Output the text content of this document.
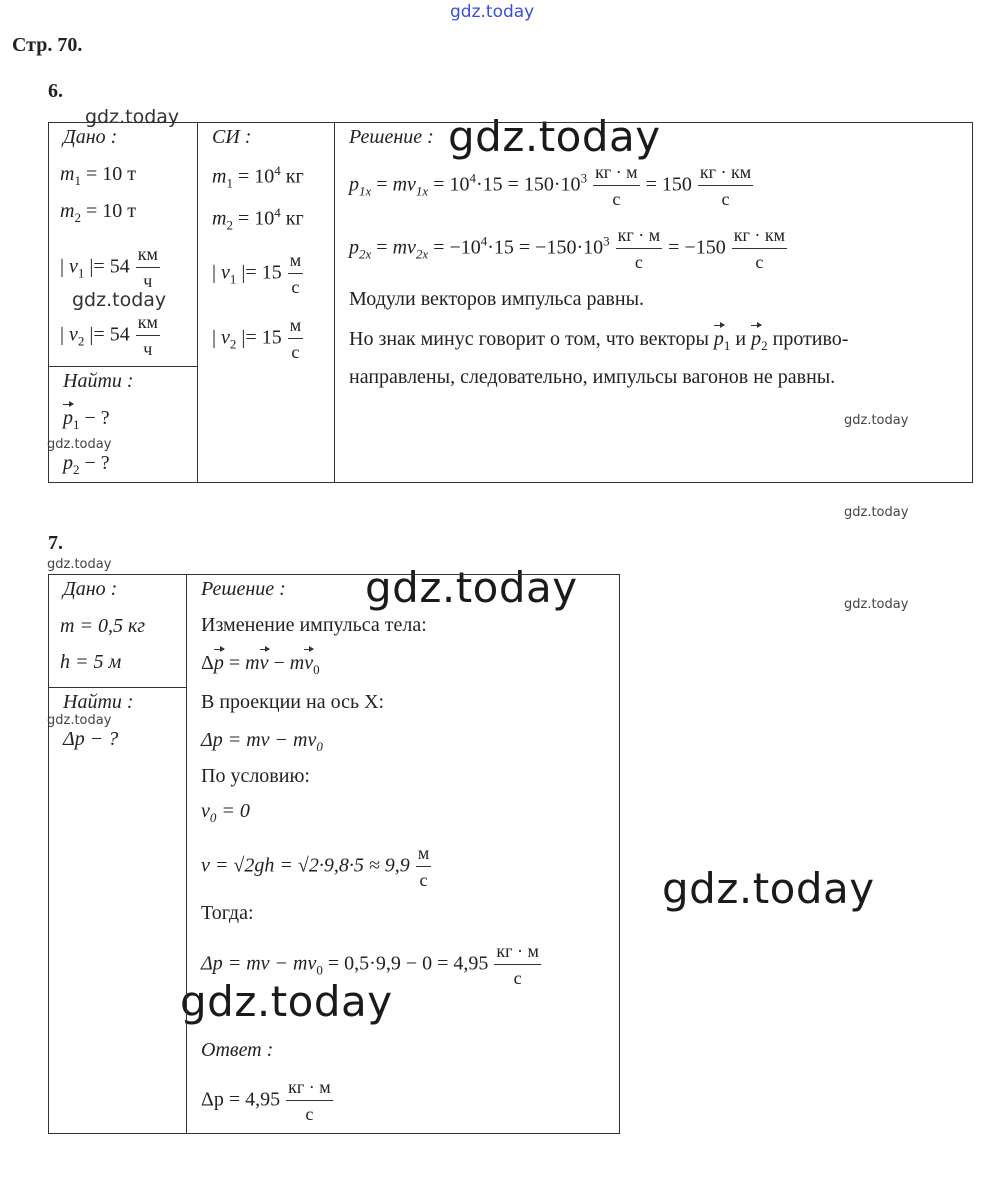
gdz.today
gdz.today
gdz.today
gdz.today
gdz.today
gdz.today
gdz.today
gdz.today
gdz.today
gdz.today
gdz.today
gdz.today
gdz.today
Стр. 70.
6.
Дано :
$m_1 = 10$ т
$m_2 = 10$ т
| $v_1$ |= $54 \frac{км}{ч}$
| $v_2$ |= $54 \frac{км}{ч}$
Найти :
$p_1$ − ?
$p_2$ − ?
СИ :
$m_1 = 10^4$ кг
$m_2 = 10^4$ кг
| $v_1$ |= $15 \frac{м}{с}$
| $v_2$ |= $15 \frac{м}{с}$
Решение :
$p_{1x} = mv_{1x} = 10^4\cdot 15 = 150\cdot 10^3 \frac{кг \cdot м}{с} = 150 \frac{кг \cdot км}{с}$
$p_{2x} = mv_{2x} = -10^4\cdot 15 = -150\cdot 10^3 \frac{кг \cdot м}{с} = -150 \frac{кг \cdot км}{с}$
Модули векторов импульса равны.
Но знак минус говорит о том, что векторы $p_1$ и $p_2$ противо-
направлены, следовательно, импульсы вагонов не равны.
7.
Дано :
m = 0,5 кг
h = 5 м
Найти :
Δp − ?
Решение :
Изменение импульса тела:
Δp = mv − $mv_0$
В проекции на ось X:
Δp = mv − $mv_0$
По условию:
$v_0 = 0$
$v = √2gh = √2\cdot 9,8\cdot 5 \approx 9,9 \frac{м}{с}$
Тогда:
Δp = mv − $mv_0 = 0,5\cdot 9,9 - 0 = 4,95 \frac{кг \cdot м}{с}$
Ответ :
$\Delta p = 4,95 \frac{кг \cdot м}{с}$
